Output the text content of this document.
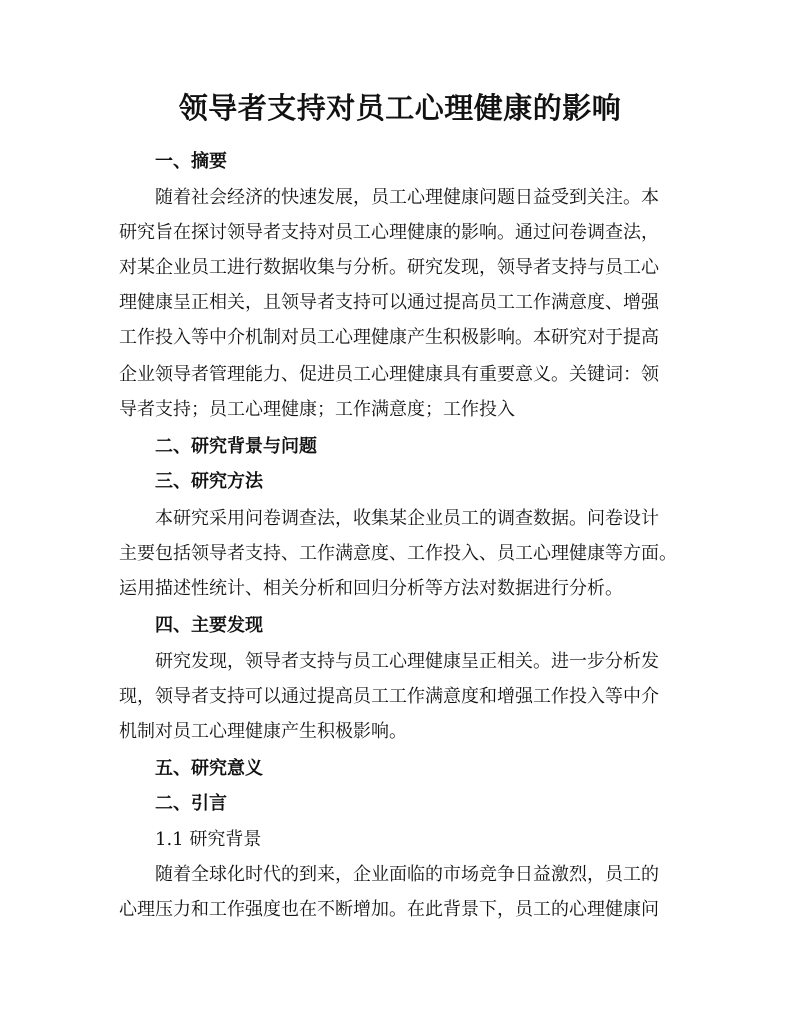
领导者支持对员工心理健康的影响
一、摘要

随着社会经济的快速发展，员工心理健康问题日益受到关注。本

研究旨在探讨领导者支持对员工心理健康的影响。通过问卷调查法，

对某企业员工进行数据收集与分析。研究发现，领导者支持与员工心

理健康呈正相关，且领导者支持可以通过提高员工工作满意度、增强

工作投入等中介机制对员工心理健康产生积极影响。本研究对于提高

企业领导者管理能力、促进员工心理健康具有重要意义。关键词：领

导者支持；员工心理健康；工作满意度；工作投入

二、研究背景与问题
三、研究方法

本研究采用问卷调查法，收集某企业员工的调查数据。问卷设计

主要包括领导者支持、工作满意度、工作投入、员工心理健康等方面。

运用描述性统计、相关分析和回归分析等方法对数据进行分析。

四、主要发现

研究发现，领导者支持与员工心理健康呈正相关。进一步分析发

现，领导者支持可以通过提高员工工作满意度和增强工作投入等中介

机制对员工心理健康产生积极影响。

五、研究意义
二、引言

1.1 研究背景

随着全球化时代的到来，企业面临的市场竞争日益激烈，员工的

心理压力和工作强度也在不断增加。在此背景下，员工的心理健康问
